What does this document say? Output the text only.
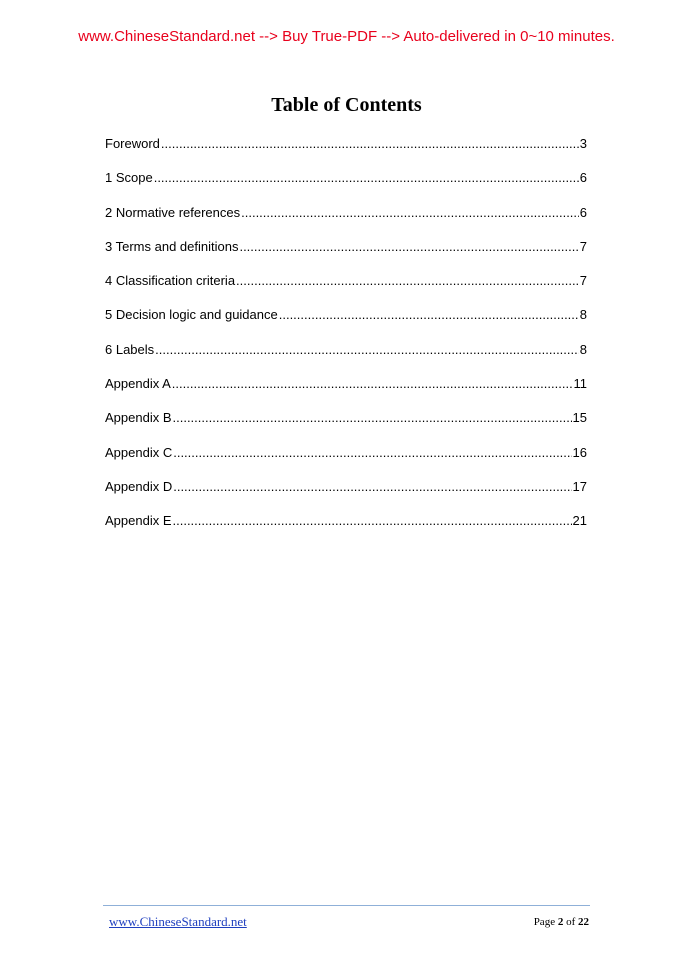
www.ChineseStandard.net --> Buy True-PDF --> Auto-delivered in 0~10 minutes.
Table of Contents
Foreword .....	3
1 Scope .....	6
2 Normative references .....	6
3 Terms and definitions .....	7
4 Classification criteria .....	7
5 Decision logic and guidance .....	8
6 Labels .....	8
Appendix A .....	11
Appendix B .....	15
Appendix C .....	16
Appendix D .....	17
Appendix E .....	21
www.ChineseStandard.net	Page 2 of 22
